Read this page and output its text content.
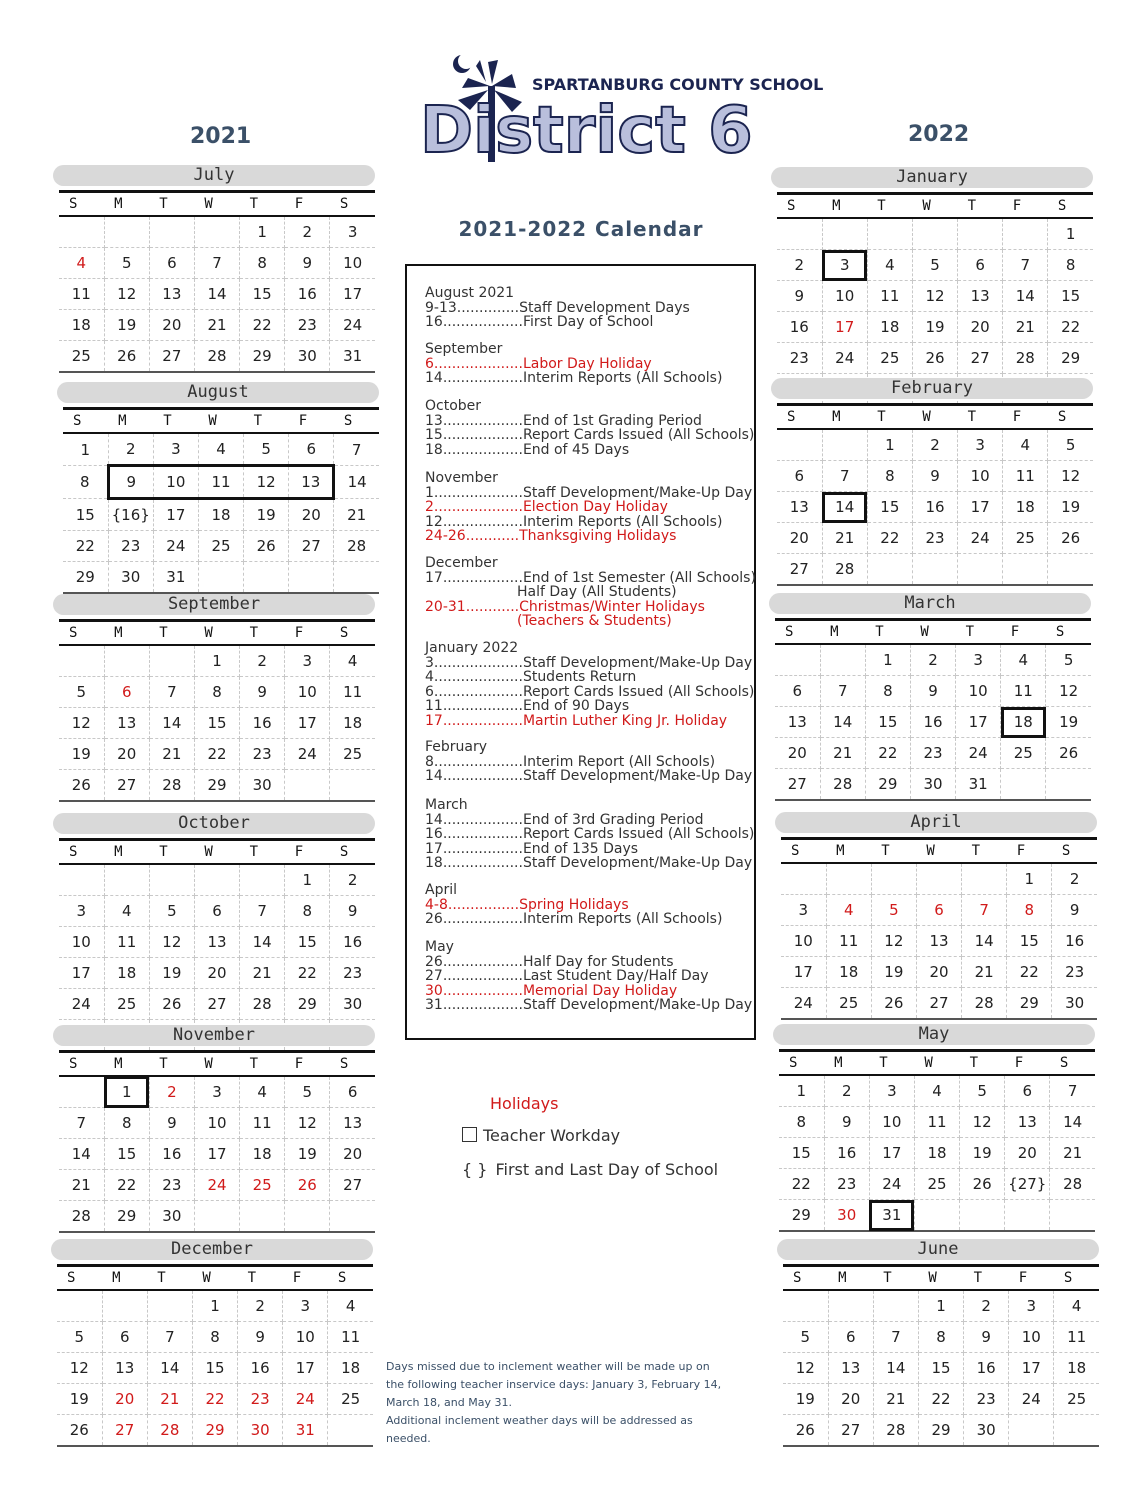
2021	2022
SPARTANBURG COUNTY SCHOOL
District 6
2021-2022 Calendar
July
S	M	T	W	T	F	S
				1	2	3
4	5	6	7	8	9	10
11	12	13	14	15	16	17
18	19	20	21	22	23	24
25	26	27	28	29	30	31
August
S	M	T	W	T	F	S
1	2	3	4	5	6	7
8	9	10	11	12	13	14
15	{16}	17	18	19	20	21
22	23	24	25	26	27	28
29	30	31				
September
S	M	T	W	T	F	S
			1	2	3	4
5	6	7	8	9	10	11
12	13	14	15	16	17	18
19	20	21	22	23	24	25
26	27	28	29	30		
October
S	M	T	W	T	F	S
					1	2
3	4	5	6	7	8	9
10	11	12	13	14	15	16
17	18	19	20	21	22	23
24	25	26	27	28	29	30

November
S	M	T	W	T	F	S
	1	2	3	4	5	6
7	8	9	10	11	12	13
14	15	16	17	18	19	20
21	22	23	24	25	26	27
28	29	30				
December
S	M	T	W	T	F	S
			1	2	3	4
5	6	7	8	9	10	11
12	13	14	15	16	17	18
19	20	21	22	23	24	25
26	27	28	29	30	31	
January
S	M	T	W	T	F	S
						1
2	3	4	5	6	7	8
9	10	11	12	13	14	15
16	17	18	19	20	21	22
23	24	25	26	27	28	29

February
S	M	T	W	T	F	S
		1	2	3	4	5
6	7	8	9	10	11	12
13	14	15	16	17	18	19
20	21	22	23	24	25	26
27	28					
March
S	M	T	W	T	F	S
		1	2	3	4	5
6	7	8	9	10	11	12
13	14	15	16	17	18	19
20	21	22	23	24	25	26
27	28	29	30	31		
April
S	M	T	W	T	F	S
					1	2
3	4	5	6	7	8	9
10	11	12	13	14	15	16
17	18	19	20	21	22	23
24	25	26	27	28	29	30
May
S	M	T	W	T	F	S
1	2	3	4	5	6	7
8	9	10	11	12	13	14
15	16	17	18	19	20	21
22	23	24	25	26	{27}	28
29	30	31				
June
S	M	T	W	T	F	S
			1	2	3	4
5	6	7	8	9	10	11
12	13	14	15	16	17	18
19	20	21	22	23	24	25
26	27	28	29	30		
August 2021
9-13..............Staff Development Days
16..................First Day of School
September
6....................Labor Day Holiday
14..................Interim Reports (All Schools)
October
13..................End of 1st Grading Period
15..................Report Cards Issued (All Schools)
18..................End of 45 Days
November
1....................Staff Development/Make-Up Day
2....................Election Day Holiday
12..................Interim Reports (All Schools)
24-26............Thanksgiving Holidays
December
17..................End of 1st Semester (All Schools)
Half Day (All Students)
20-31............Christmas/Winter Holidays
(Teachers & Students)
January 2022
3....................Staff Development/Make-Up Day
4....................Students Return
6....................Report Cards Issued (All Schools)
11..................End of 90 Days
17..................Martin Luther King Jr. Holiday
February
8....................Interim Report (All Schools)
14..................Staff Development/Make-Up Day
March
14..................End of 3rd Grading Period
16..................Report Cards Issued (All Schools)
17..................End of 135 Days
18..................Staff Development/Make-Up Day
April
4-8................Spring Holidays
26..................Interim Reports (All Schools)
May
26..................Half Day for Students
27..................Last Student Day/Half Day
30..................Memorial Day Holiday
31..................Staff Development/Make-Up Day
Holidays
Teacher Workday
{ } First and Last Day of School
Days missed due to inclement weather will be made up on the following teacher inservice days: January 3, February 14, March 18, and May 31.
Additional inclement weather days will be addressed as needed.
